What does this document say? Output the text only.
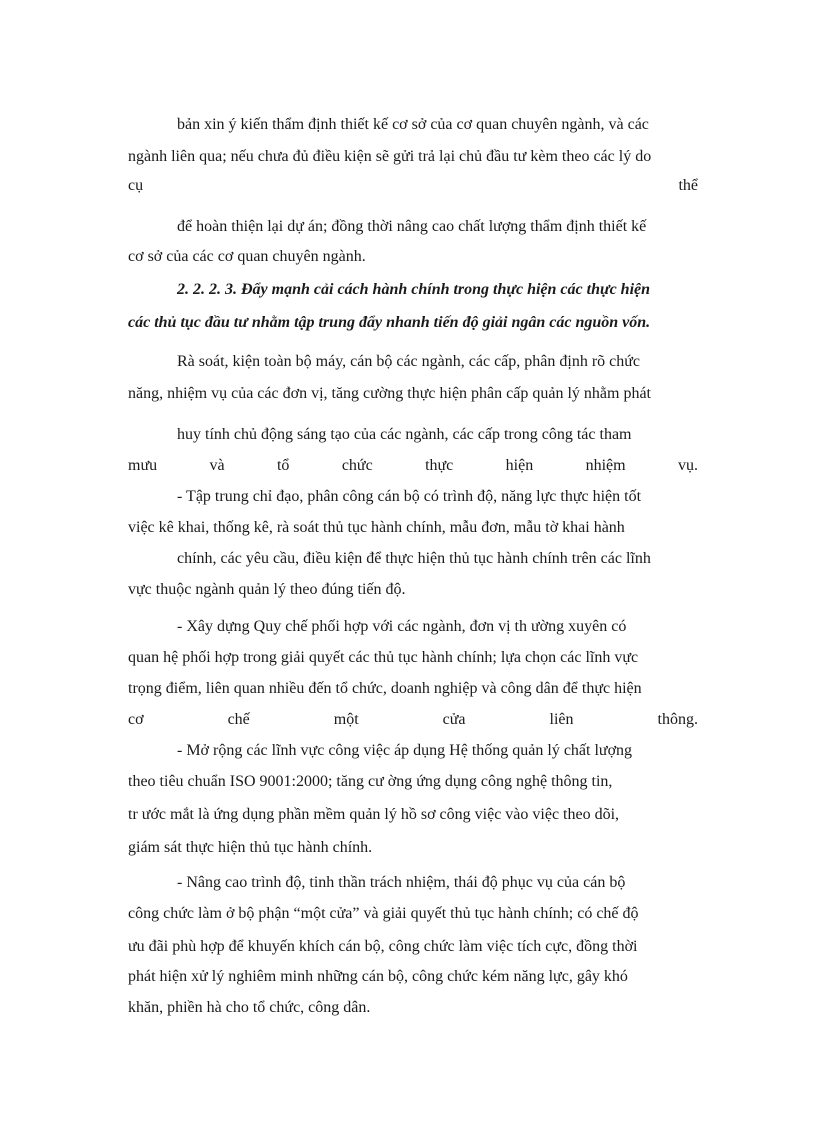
bản xin ý kiến thẩm định thiết kế cơ sở của cơ quan chuyên ngành, và các
ngành liên qua; nếu chưa đủ điều kiện sẽ gửi trả lại chủ đầu tư kèm theo các lý do
cụ	thể
để hoàn thiện lại dự án; đồng thời nâng cao chất lượng thẩm định thiết kế
cơ sở của các cơ quan chuyên ngành.
2. 2. 2. 3. Đẩy mạnh cải cách hành chính trong thực hiện các thực hiện
các thủ tục đầu tư nhằm tập trung đẩy nhanh tiến độ giải ngân các nguồn vốn.
Rà soát, kiện toàn bộ máy, cán bộ các ngành, các cấp, phân định rõ chức
năng, nhiệm vụ của các đơn vị, tăng cường thực hiện phân cấp quản lý nhằm phát
huy tính chủ động sáng tạo của các ngành, các cấp trong công tác tham
mưu	và	tổ	chức	thực	hiện	nhiệm	vụ.
- Tập trung chỉ đạo, phân công cán bộ có trình độ, năng lực thực hiện tốt
việc kê khai, thống kê, rà soát thủ tục hành chính, mẫu đơn, mẫu tờ khai hành
chính, các yêu cầu, điều kiện để thực hiện thủ tục hành chính trên các lĩnh
vực thuộc ngành quản lý theo đúng tiến độ.
- Xây dựng Quy chế phối hợp với các ngành, đơn vị th ường xuyên có
quan hệ phối hợp trong giải quyết các thủ tục hành chính; lựa chọn các lĩnh vực
trọng điểm, liên quan nhiều đến tổ chức, doanh nghiệp và công dân để thực hiện
cơ	chế	một	cửa	liên	thông.
- Mở rộng các lĩnh vực công việc áp dụng Hệ thống quản lý chất lượng
theo tiêu chuẩn ISO 9001:2000; tăng cư ờng ứng dụng công nghệ thông tin,
tr ước mắt là ứng dụng phần mềm quản lý hồ sơ công việc vào việc theo dõi,
giám sát thực hiện thủ tục hành chính.
- Nâng cao trình độ, tinh thần trách nhiệm, thái độ phục vụ của cán bộ
công chức làm ở bộ phận “một cửa” và giải quyết thủ tục hành chính; có chế độ
ưu đãi phù hợp để khuyến khích cán bộ, công chức làm việc tích cực, đồng thời
phát hiện xử lý nghiêm minh những cán bộ, công chức kém năng lực, gây khó
khăn, phiền hà cho tổ chức, công dân.
